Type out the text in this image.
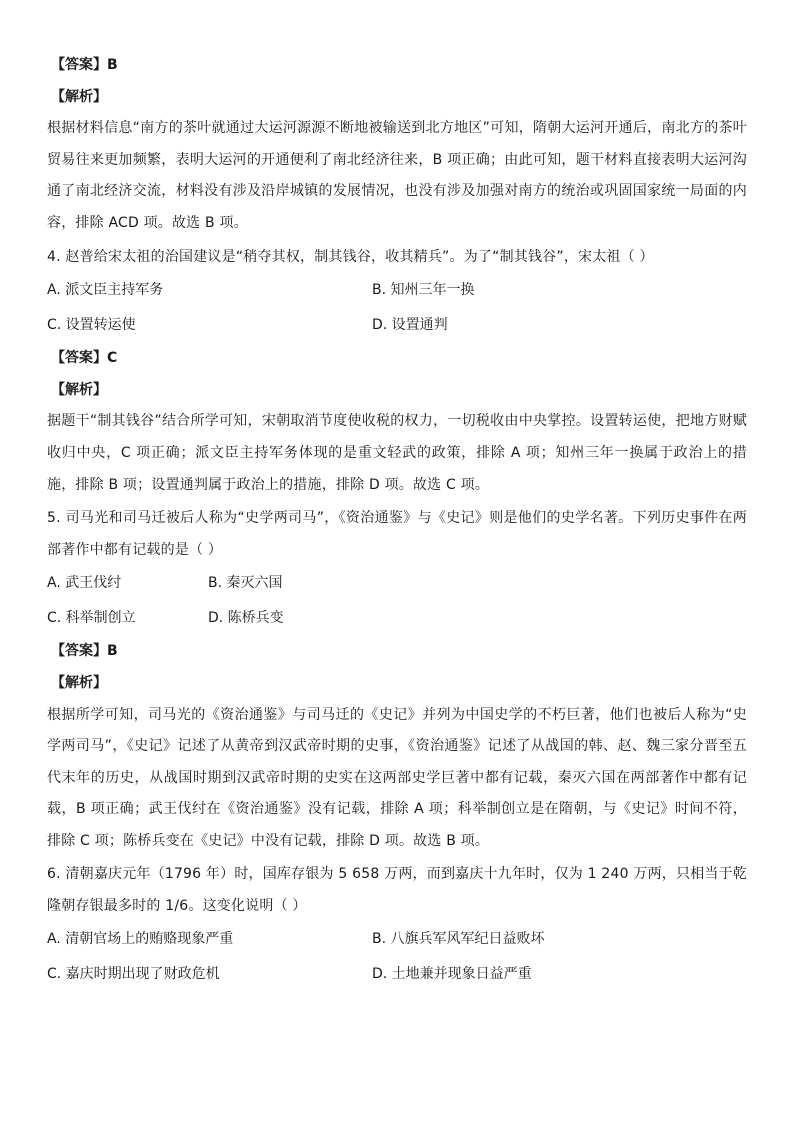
【答案】B
【解析】
根据材料信息“南方的茶叶就通过大运河源源不断地被输送到北方地区”可知，隋朝大运河开通后，南北方的茶叶贸易往来更加频繁，表明大运河的开通便利了南北经济往来，B 项正确；由此可知，题干材料直接表明大运河沟通了南北经济交流，材料没有涉及沿岸城镇的发展情况，也没有涉及加强对南方的统治或巩固国家统一局面的内容，排除 ACD 项。故选 B 项。
4. 赵普给宋太祖的治国建议是“稍夺其权，制其钱谷，收其精兵”。为了“制其钱谷”，宋太祖（ ）
A. 派文臣主持军务	B. 知州三年一换
C. 设置转运使	D. 设置通判
【答案】C
【解析】
据题干“制其钱谷”结合所学可知，宋朝取消节度使收税的权力，一切税收由中央掌控。设置转运使，把地方财赋收归中央，C 项正确；派文臣主持军务体现的是重文轻武的政策，排除 A 项；知州三年一换属于政治上的措施，排除 B 项；设置通判属于政治上的措施，排除 D 项。故选 C 项。
5. 司马光和司马迁被后人称为“史学两司马”，《资治通鉴》与《史记》则是他们的史学名著。下列历史事件在两部著作中都有记载的是（ ）
A. 武王伐纣	B. 秦灭六国
C. 科举制创立	D. 陈桥兵变
【答案】B
【解析】
根据所学可知，司马光的《资治通鉴》与司马迁的《史记》并列为中国史学的不朽巨著，他们也被后人称为“史学两司马”，《史记》记述了从黄帝到汉武帝时期的史事，《资治通鉴》记述了从战国的韩、赵、魏三家分晋至五代末年的历史，从战国时期到汉武帝时期的史实在这两部史学巨著中都有记载，秦灭六国在两部著作中都有记载，B 项正确；武王伐纣在《资治通鉴》没有记载，排除 A 项；科举制创立是在隋朝，与《史记》时间不符，排除 C 项；陈桥兵变在《史记》中没有记载，排除 D 项。故选 B 项。
6. 清朝嘉庆元年（1796 年）时，国库存银为 5 658 万两，而到嘉庆十九年时，仅为 1 240 万两，只相当于乾隆朝存银最多时的 1/6。这变化说明（ ）
A. 清朝官场上的贿赂现象严重	B. 八旗兵军风军纪日益败坏
C. 嘉庆时期出现了财政危机	D. 土地兼并现象日益严重
